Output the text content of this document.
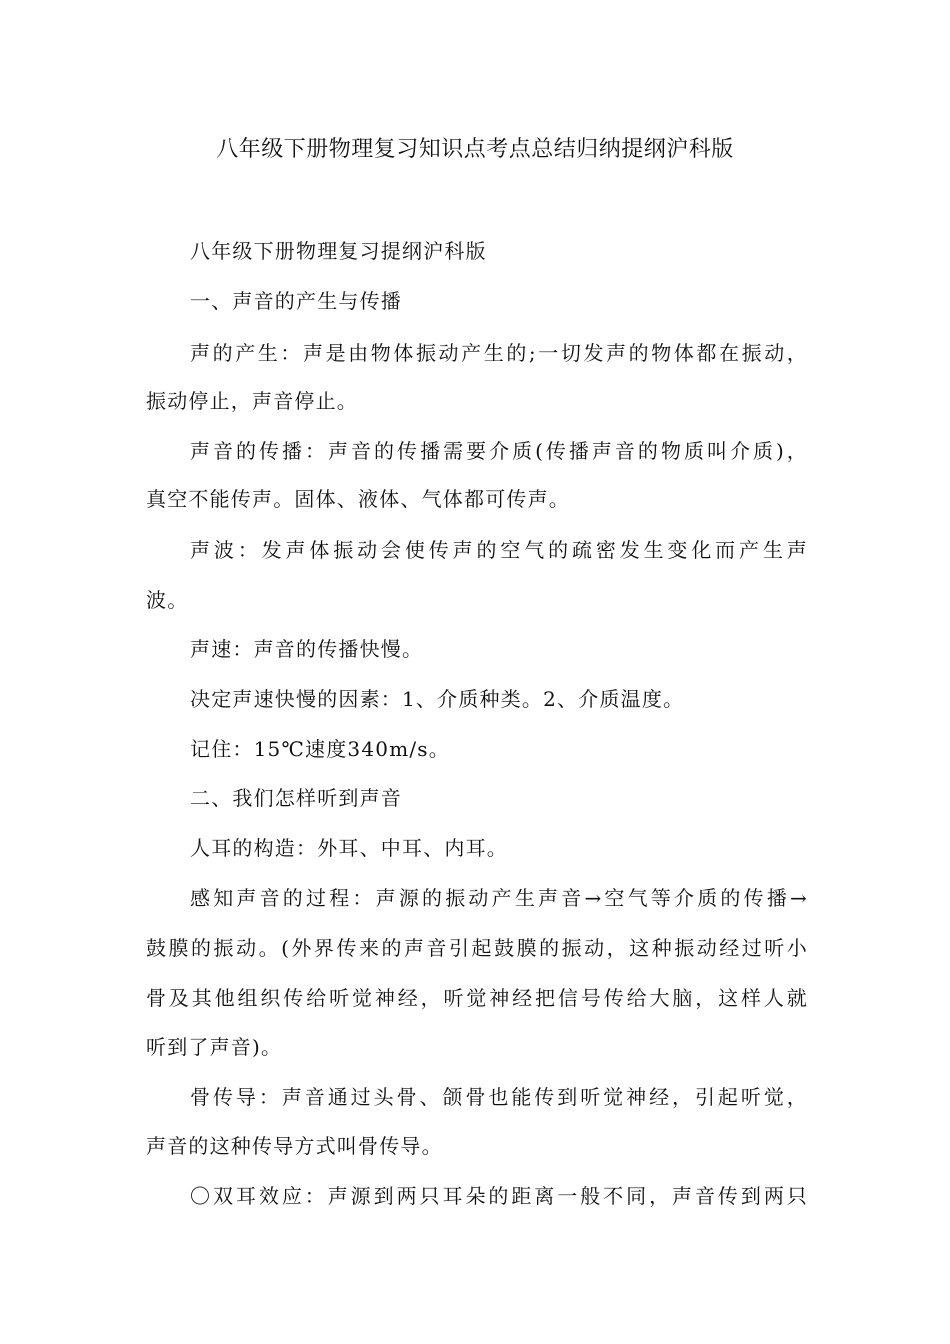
八年级下册物理复习知识点考点总结归纳提纲沪科版
八年级下册物理复习提纲沪科版
一、声音的产生与传播
声的产生：声是由物体振动产生的;一切发声的物体都在振动，
振动停止，声音停止。
声音的传播：声音的传播需要介质(传播声音的物质叫介质)，
真空不能传声。固体、液体、气体都可传声。
声波：发声体振动会使传声的空气的疏密发生变化而产生声
波。
声速：声音的传播快慢。
决定声速快慢的因素：1、介质种类。2、介质温度。
记住：15℃速度340m/s。
二、我们怎样听到声音
人耳的构造：外耳、中耳、内耳。
感知声音的过程：声源的振动产生声音→空气等介质的传播→
鼓膜的振动。(外界传来的声音引起鼓膜的振动，这种振动经过听小
骨及其他组织传给听觉神经，听觉神经把信号传给大脑，这样人就
听到了声音)。
骨传导：声音通过头骨、颌骨也能传到听觉神经，引起听觉，
声音的这种传导方式叫骨传导。
〇双耳效应：声源到两只耳朵的距离一般不同，声音传到两只
